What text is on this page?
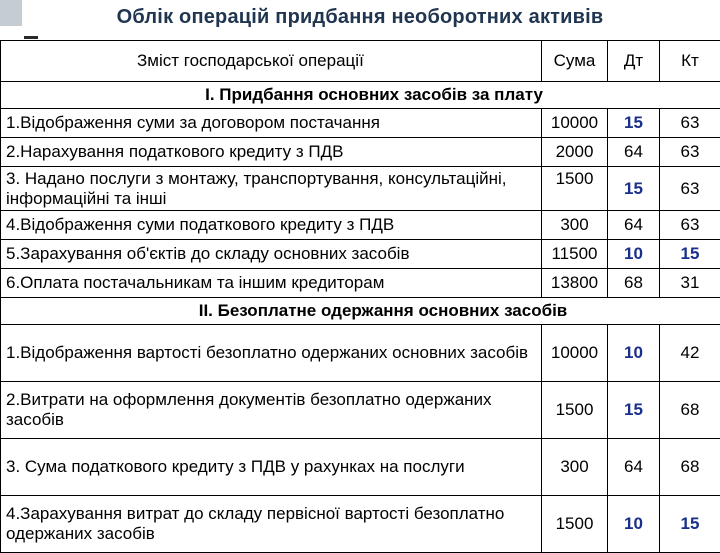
Облік операцій придбання необоротних активів
Зміст господарської операції	Сума	Дт	Кт
І. Придбання основних засобів за плату			
1.Відображення суми за договором постачання	10000	15	63
2.Нарахування податкового кредиту з ПДВ	2000	64	63
3. Надано послуги з монтажу, транспортування, консультаційні, інформаційні та інші	1500	15	63
4.Відображення суми податкового кредиту з ПДВ	300	64	63
5.Зарахування об'єктів до складу основних засобів	11500	10	15
6.Оплата постачальникам та іншим кредиторам	13800	68	31
ІІ. Безоплатне одержання основних засобів			
1.Відображення вартості безоплатно одержаних основних засобів	10000	10	42
2.Витрати на оформлення документів безоплатно одержаних засобів	1500	15	68
3. Сума податкового кредиту з ПДВ у рахунках на послуги	300	64	68
4.Зарахування витрат до складу первісної вартості безоплатно одержаних засобів	1500	10	15
